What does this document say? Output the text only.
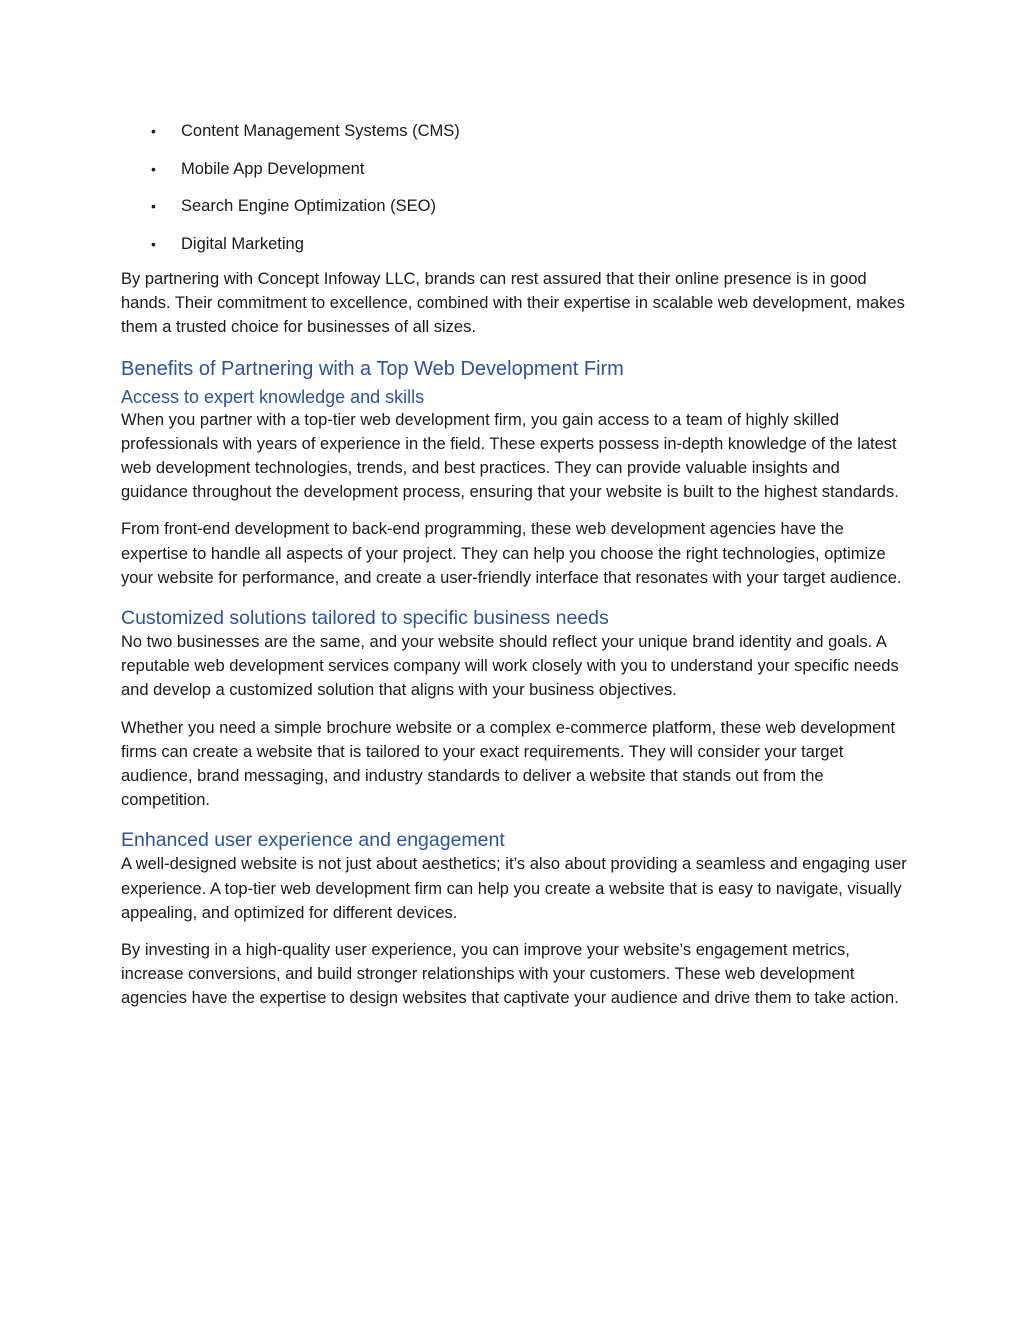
• Content Management Systems (CMS)
• Mobile App Development
• Search Engine Optimization (SEO)
• Digital Marketing

By partnering with Concept Infoway LLC, brands can rest assured that their online presence is in good hands. Their commitment to excellence, combined with their expertise in scalable web development, makes them a trusted choice for businesses of all sizes.

Benefits of Partnering with a Top Web Development Firm
Access to expert knowledge and skills

When you partner with a top-tier web development firm, you gain access to a team of highly skilled professionals with years of experience in the field. These experts possess in-depth knowledge of the latest web development technologies, trends, and best practices. They can provide valuable insights and guidance throughout the development process, ensuring that your website is built to the highest standards.

From front-end development to back-end programming, these web development agencies have the expertise to handle all aspects of your project. They can help you choose the right technologies, optimize your website for performance, and create a user-friendly interface that resonates with your target audience.

Customized solutions tailored to specific business needs

No two businesses are the same, and your website should reflect your unique brand identity and goals. A reputable web development services company will work closely with you to understand your specific needs and develop a customized solution that aligns with your business objectives.

Whether you need a simple brochure website or a complex e-commerce platform, these web development firms can create a website that is tailored to your exact requirements. They will consider your target audience, brand messaging, and industry standards to deliver a website that stands out from the competition.

Enhanced user experience and engagement

A well-designed website is not just about aesthetics; it’s also about providing a seamless and engaging user experience. A top-tier web development firm can help you create a website that is easy to navigate, visually appealing, and optimized for different devices.

By investing in a high-quality user experience, you can improve your website’s engagement metrics, increase conversions, and build stronger relationships with your customers. These web development agencies have the expertise to design websites that captivate your audience and drive them to take action.
